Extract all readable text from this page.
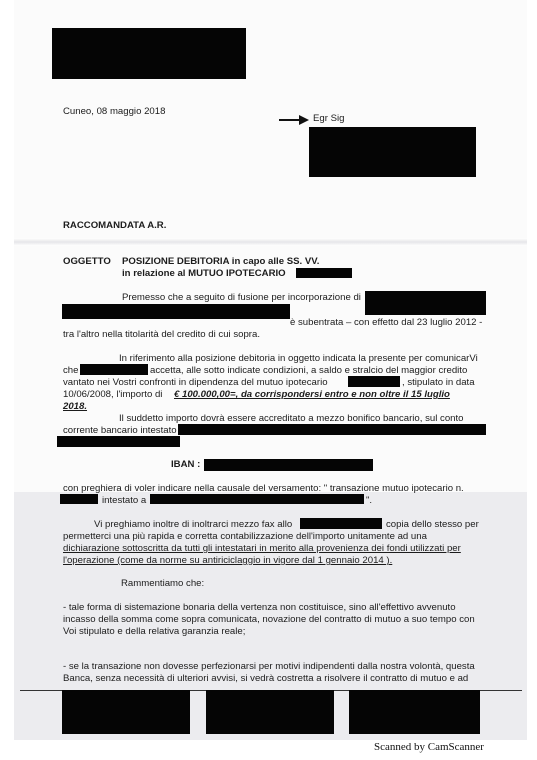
Cuneo, 08 maggio 2018
Egr Sig
RACCOMANDATA A.R.
OGGETTO POSIZIONE DEBITORIA in capo alle SS. VV.
in relazione al MUTUO IPOTECARIO
Premesso che a seguito di fusione per incorporazione di
è subentrata – con effetto dal 23 luglio 2012 -
tra l'altro nella titolarità del credito di cui sopra.
In riferimento alla posizione debitoria in oggetto indicata la presente per comunicarVi
che	accetta, alle sotto indicate condizioni, a saldo e stralcio del maggior credito
vantato nei Vostri confronti in dipendenza del mutuo ipotecario	, stipulato in data
10/06/2008, l'importo di € 100.000,00=, da corrispondersi entro e non oltre il 15 luglio
2018.
Il suddetto importo dovrà essere accreditato a mezzo bonifico bancario, sul conto
corrente bancario intestato
IBAN :
con preghiera di voler indicare nella causale del versamento: " transazione mutuo ipotecario n.
intestato a	".
Vi preghiamo inoltre di inoltrarci mezzo fax allo	copia dello stesso per
permetterci una più rapida e corretta contabilizzazione dell'importo unitamente ad una
dichiarazione sottoscritta da tutti gli intestatari in merito alla provenienza dei fondi utilizzati per
l'operazione (come da norme su antiriciclaggio in vigore dal 1 gennaio 2014 ).
Rammentiamo che:
- tale forma di sistemazione bonaria della vertenza non costituisce, sino all'effettivo avvenuto
incasso della somma come sopra comunicata, novazione del contratto di mutuo a suo tempo con
Voi stipulato e della relativa garanzia reale;
- se la transazione non dovesse perfezionarsi per motivi indipendenti dalla nostra volontà, questa
Banca, senza necessità di ulteriori avvisi, si vedrà costretta a risolvere il contratto di mutuo e ad
Scanned by CamScanner
